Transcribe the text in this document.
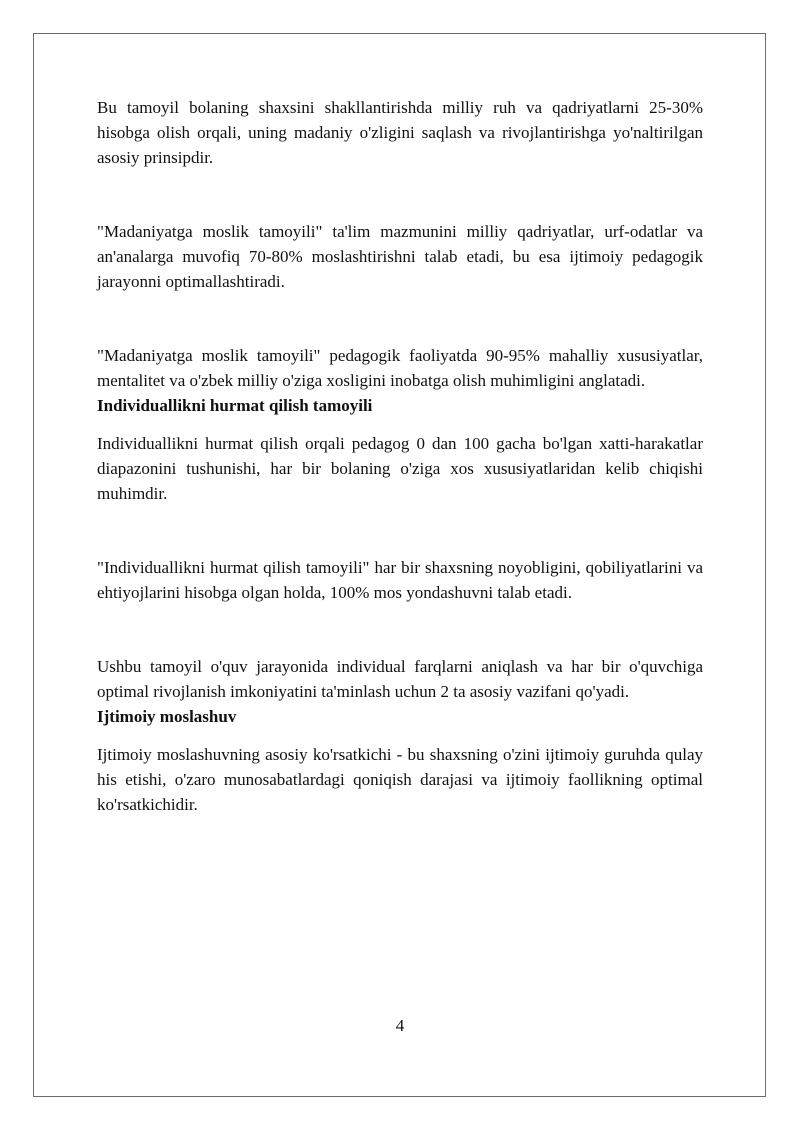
Bu tamoyil bolaning shaxsini shakllantirishda milliy ruh va qadriyatlarni 25-30% hisobga olish orqali, uning madaniy o'zligini saqlash va rivojlantirishga yo'naltirilgan asosiy prinsipdir.

"Madaniyatga moslik tamoyili" ta'lim mazmunini milliy qadriyatlar, urf-odatlar va an'analarga muvofiq 70-80% moslashtirishni talab etadi, bu esa ijtimoiy pedagogik jarayonni optimallashtiradi.

"Madaniyatga moslik tamoyili" pedagogik faoliyatda 90-95% mahalliy xususiyatlar, mentalitet va o'zbek milliy o'ziga xosligini inobatga olish muhimligini anglatadi.

Individuallikni hurmat qilish tamoyili

Individuallikni hurmat qilish orqali pedagog 0 dan 100 gacha bo'lgan xatti-harakatlar diapazonini tushunishi, har bir bolaning o'ziga xos xususiyatlaridan kelib chiqishi muhimdir.

"Individuallikni hurmat qilish tamoyili" har bir shaxsning noyobligini, qobiliyatlarini va ehtiyojlarini hisobga olgan holda, 100% mos yondashuvni talab etadi.

Ushbu tamoyil o'quv jarayonida individual farqlarni aniqlash va har bir o'quvchiga optimal rivojlanish imkoniyatini ta'minlash uchun 2 ta asosiy vazifani qo'yadi.

Ijtimoiy moslashuv

Ijtimoiy moslashuvning asosiy ko'rsatkichi - bu shaxsning o'zini ijtimoiy guruhda qulay his etishi, o'zaro munosabatlardagi qoniqish darajasi va ijtimoiy faollikning optimal ko'rsatkichidir.

4
